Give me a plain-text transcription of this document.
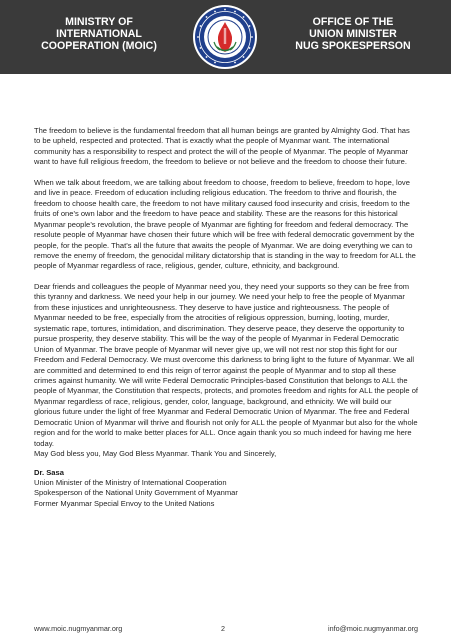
MINISTRY OF
INTERNATIONAL
COOPERATION (MOIC)
OFFICE OF THE
UNION MINISTER
NUG SPOKESPERSON

The freedom to believe is the fundamental freedom that all human beings are granted by Almighty God. That has to be upheld, respected and protected. That is exactly what the people of Myanmar want. The international community has a responsibility to respect and protect the will of the people of Myanmar. The people of Myanmar want to have full religious freedom, the freedom to believe or not believe and the freedom to choose their future.

When we talk about freedom, we are talking about freedom to choose, freedom to believe, freedom to hope, love and live in peace. Freedom of education including religious education. The freedom to thrive and flourish, the freedom to choose health care, the freedom to not have military caused food insecurity and crisis, freedom to the fruits of one’s own labor and the freedom to have peace and stability. These are the reasons for this historical Myanmar people’s revolution, the brave people of Myanmar are fighting for freedom and federal democracy. The resolute people of Myanmar have chosen their future which will be free with federal democratic government by the people, for the people. That’s all the future that awaits the people of Myanmar. We are doing everything we can to remove the enemy of freedom, the genocidal military dictatorship that is standing in the way to freedom for ALL the people of Myanmar regardless of race, religious, gender, culture, ethnicity, and background.

Dear friends and colleagues the people of Myanmar need you, they need your supports so they can be free from this tyranny and darkness. We need your help in our journey. We need your help to free the people of Myanmar from these injustices and unrighteousness. They deserve to have justice and righteousness. The people of Myanmar needed to be free, especially from the atrocities of religious oppression, burning, looting, murder, systematic rape, tortures, intimidation, and discrimination. They deserve peace, they deserve the opportunity to pursue prosperity, they deserve stability. This will be the way of the people of Myanmar in Federal Democratic Union of Myanmar. The brave people of Myanmar will never give up, we will not rest nor stop this fight for our Freedom and Federal Democracy. We must overcome this darkness to bring light to the future of Myanmar. We all are committed and determined to end this reign of terror against the people of Myanmar and to stop all these crimes against humanity. We will write Federal Democratic Principles-based Constitution that belongs to ALL the people of Myanmar, the Constitution that respects, protects, and promotes freedom and rights for ALL the people of Myanmar regardless of race, religious, gender, color, language, background, and ethnicity. We will build our glorious future under the light of free Myanmar and Federal Democratic Union of Myanmar. The free and Federal Democratic Union of Myanmar will thrive and flourish not only for ALL the people of Myanmar but also for the whole region and for the world to make better places for ALL. Once again thank you so much indeed for having me here today.

May God bless you, May God Bless Myanmar. Thank You and Sincerely,

Dr. Sasa
Union Minister of the Ministry of International Cooperation
Spokesperson of the National Unity Government of Myanmar
Former Myanmar Special Envoy to the United Nations
www.moic.nugmyanmar.org	2	info@moic.nugmyanmar.org
